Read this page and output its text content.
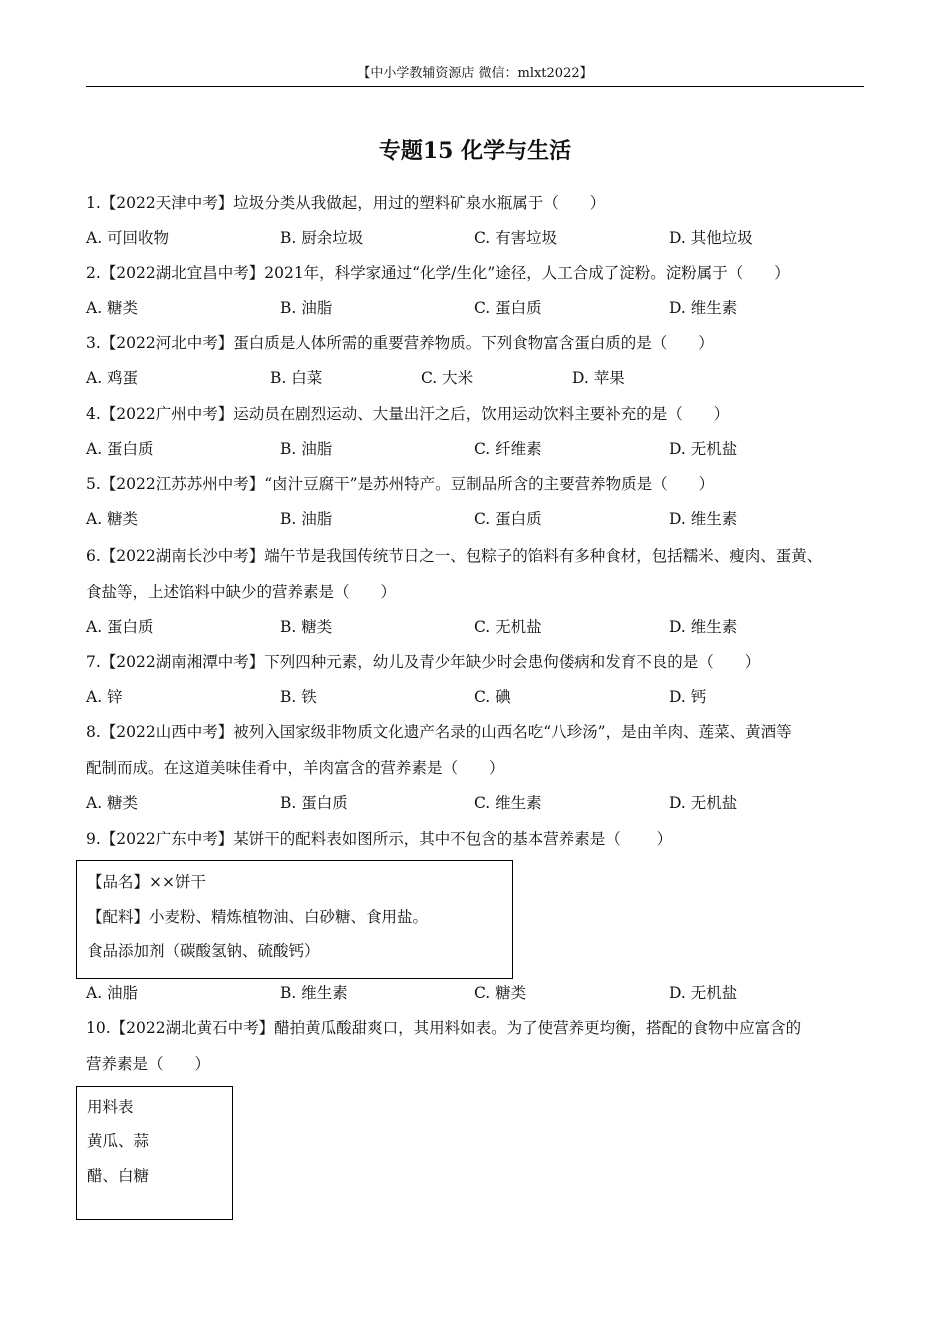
【中小学教辅资源店 微信：mlxt2022】
专题15 化学与生活
1.【2022天津中考】垃圾分类从我做起，用过的塑料矿泉水瓶属于（　　）
A. 可回收物	B. 厨余垃圾	C. 有害垃圾	D. 其他垃圾
2.【2022湖北宜昌中考】2021年，科学家通过“化学/生化”途径，人工合成了淀粉。淀粉属于（　　）
A. 糖类	B. 油脂	C. 蛋白质	D. 维生素
3.【2022河北中考】蛋白质是人体所需的重要营养物质。下列食物富含蛋白质的是（　　）
A. 鸡蛋	B. 白菜	C. 大米	D. 苹果
4.【2022广州中考】运动员在剧烈运动、大量出汗之后，饮用运动饮料主要补充的是（　　）
A. 蛋白质	B. 油脂	C. 纤维素	D. 无机盐
5.【2022江苏苏州中考】“卤汁豆腐干”是苏州特产。豆制品所含的主要营养物质是（　　）
A. 糖类	B. 油脂	C. 蛋白质	D. 维生素
6.【2022湖南长沙中考】端午节是我国传统节日之一、包粽子的馅料有多种食材，包括糯米、瘦肉、蛋黄、
食盐等，上述馅料中缺少的营养素是（　　）
A. 蛋白质	B. 糖类	C. 无机盐	D. 维生素
7.【2022湖南湘潭中考】下列四种元素，幼儿及青少年缺少时会患佝偻病和发育不良的是（　　）
A. 锌	B. 铁	C. 碘	D. 钙
8.【2022山西中考】被列入国家级非物质文化遗产名录的山西名吃“八珍汤”，是由羊肉、莲菜、黄酒等
配制而成。在这道美味佳肴中，羊肉富含的营养素是（　　）
A. 糖类	B. 蛋白质	C. 维生素	D. 无机盐
9.【2022广东中考】某饼干的配料表如图所示，其中不包含的基本营养素是（　　 ）
【品名】××饼干
【配料】小麦粉、精炼植物油、白砂糖、食用盐。
食品添加剂（碳酸氢钠、硫酸钙）
A. 油脂	B. 维生素	C. 糖类	D. 无机盐
10.【2022湖北黄石中考】醋拍黄瓜酸甜爽口，其用料如表。为了使营养更均衡，搭配的食物中应富含的
营养素是（　　）
用料表
黄瓜、蒜
醋、白糖
